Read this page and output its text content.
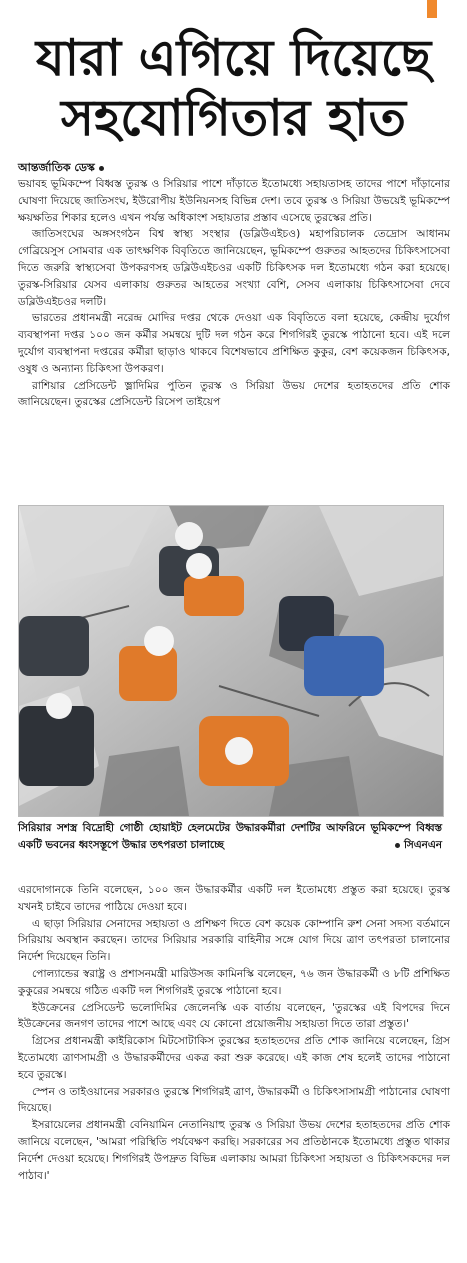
যারা এগিয়ে দিয়েছে
সহযোগিতার হাত

আন্তর্জাতিক ডেস্ক

ভয়াবহ ভূমিকম্পে বিধ্বস্ত তুরস্ক ও সিরিয়ার পাশে দাঁড়াতে ইতোমধ্যে সহায়তাসহ তাদের পাশে দাঁড়ানোর ঘোষণা দিয়েছে জাতিসংঘ, ইউরোপীয় ইউনিয়নসহ বিভিন্ন দেশ। তবে তুরস্ক ও সিরিয়া উভয়েই ভূমিকম্পে ক্ষয়ক্ষতির শিকার হলেও এখন পর্যন্ত অধিকাংশ সহায়তার প্রস্তাব এসেছে তুরস্কের প্রতি।

জাতিসংঘের অঙ্গসংগঠন বিশ্ব স্বাস্থ্য সংস্থার (ডব্লিউএইচও) মহাপরিচালক তেদ্রোস আধানম গেব্রিয়েসুস সোমবার এক তাৎক্ষণিক বিবৃতিতে জানিয়েছেন, ভূমিকম্পে গুরুতর আহতদের চিকিৎসাসেবা দিতে জরুরি স্বাস্থ্যসেবা উপকরণসহ ডব্লিউএইচওর একটি চিকিৎসক দল ইতোমধ্যে গঠন করা হয়েছে। তুরস্ক-সিরিয়ার যেসব এলাকায় গুরুতর আহতের সংখ্যা বেশি, সেসব এলাকায় চিকিৎসাসেবা দেবে ডব্লিউএইচওর দলটি।

ভারতের প্রধানমন্ত্রী নরেন্দ্র মোদির দপ্তর থেকে দেওয়া এক বিবৃতিতে বলা হয়েছে, কেন্দ্রীয় দুর্যোগ ব্যবস্থাপনা দপ্তর ১০০ জন কর্মীর সমন্বয়ে দুটি দল গঠন করে শিগগিরই তুরস্কে পাঠানো হবে। এই দলে দুর্যোগ ব্যবস্থাপনা দপ্তরের কর্মীরা ছাড়াও থাকবে বিশেষভাবে প্রশিক্ষিত কুকুর, বেশ কয়েকজন চিকিৎসক, ওষুধ ও অন্যান্য চিকিৎসা উপকরণ।

রাশিয়ার প্রেসিডেন্ট ভ্লাদিমির পুতিন তুরস্ক ও সিরিয়া উভয় দেশের হতাহতদের প্রতি শোক জানিয়েছেন। তুরস্কের প্রেসিডেন্ট রিসেপ তাইয়েপ

সিরিয়ার সশস্ত্র বিদ্রোহী গোষ্ঠী হোয়াইট হেলমেটের উদ্ধারকর্মীরা দেশটির আফরিনে ভূমিকম্পে বিধ্বস্ত একটি ভবনের ধ্বংসস্তূপে উদ্ধার তৎপরতা চালাচ্ছে	সিএনএন

এরদোগানকে তিনি বলেছেন, ১০০ জন উদ্ধারকর্মীর একটি দল ইতোমধ্যে প্রস্তুত করা হয়েছে। তুরস্ক যখনই চাইবে তাদের পাঠিয়ে দেওয়া হবে।

এ ছাড়া সিরিয়ার সেনাদের সহায়তা ও প্রশিক্ষণ দিতে বেশ কয়েক কোম্পানি রুশ সেনা সদস্য বর্তমানে সিরিয়ায় অবস্থান করছেন। তাদের সিরিয়ার সরকারি বাহিনীর সঙ্গে যোগ দিয়ে ত্রাণ তৎপরতা চালানোর নির্দেশ দিয়েছেন তিনি।

পোল্যান্ডের স্বরাষ্ট্র ও প্রশাসনমন্ত্রী মারিউসজ কামিনস্কি বলেছেন, ৭৬ জন উদ্ধারকর্মী ও ৮টি প্রশিক্ষিত কুকুরের সমন্বয়ে গঠিত একটি দল শিগগিরই তুরস্কে পাঠানো হবে।

ইউক্রেনের প্রেসিডেন্ট ভলোদিমির জেলেনস্কি এক বার্তায় বলেছেন, 'তুরস্কের এই বিপদের দিনে ইউক্রেনের জনগণ তাদের পাশে আছে এবং যে কোনো প্রয়োজনীয় সহায়তা দিতে তারা প্রস্তুত।'

গ্রিসের প্রধানমন্ত্রী কাইরিকোস মিটসোটাকিস তুরস্কের হতাহতদের প্রতি শোক জানিয়ে বলেছেন, গ্রিস ইতোমধ্যে ত্রাণসামগ্রী ও উদ্ধারকর্মীদের একত্র করা শুরু করেছে। এই কাজ শেষ হলেই তাদের পাঠানো হবে তুরস্কে।

স্পেন ও তাইওয়ানের সরকারও তুরস্কে শিগগিরই ত্রাণ, উদ্ধারকর্মী ও চিকিৎসাসামগ্রী পাঠানোর ঘোষণা দিয়েছে।

ইসরায়েলের প্রধানমন্ত্রী বেনিয়ামিন নেতানিয়াহু তুরস্ক ও সিরিয়া উভয় দেশের হতাহতদের প্রতি শোক জানিয়ে বলেছেন, 'আমরা পরিস্থিতি পর্যবেক্ষণ করছি। সরকারের সব প্রতিষ্ঠানকে ইতোমধ্যে প্রস্তুত থাকার নির্দেশ দেওয়া হয়েছে। শিগগিরই উপদ্রুত বিভিন্ন এলাকায় আমরা চিকিৎসা সহায়তা ও চিকিৎসকদের দল পাঠাব।'
